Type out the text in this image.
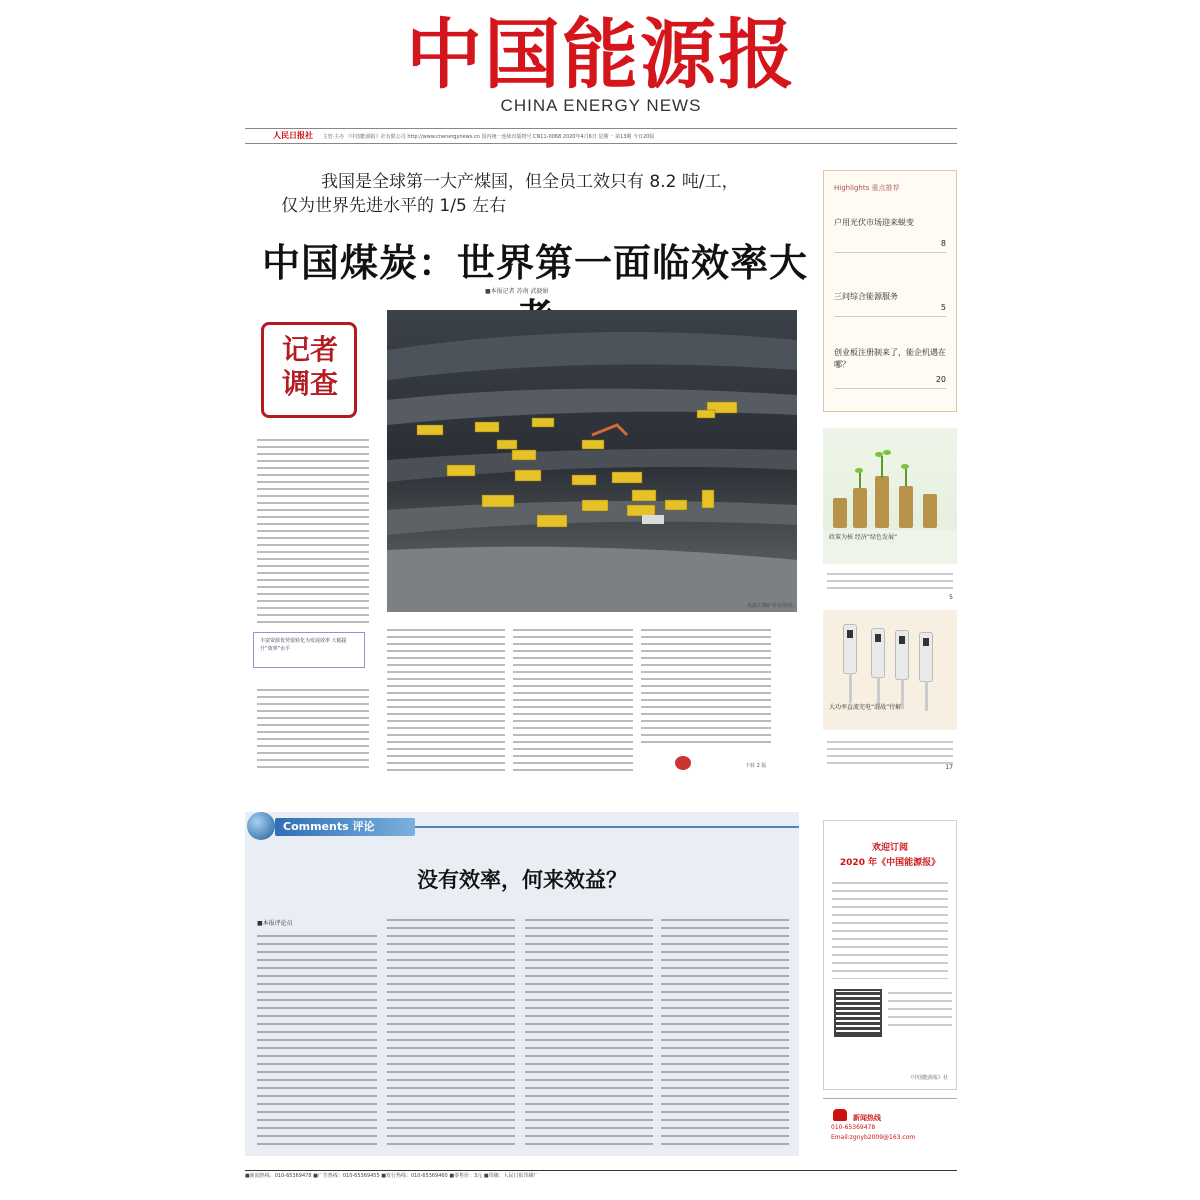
中国能源报
CHINA ENERGY NEWS
人民日报社 主管·主办 《中国能源报》社有限公司 http://www.cnenergynews.cn 国内统一连续出版物号 CN11-0068 2020年4月6日 星期一 第13期 今日20版

我国是全球第一大产煤国，但全员工效只有 8.2 吨/工，

仅为世界先进水平的 1/5 左右

中国煤炭：世界第一面临效率大
■本报记者 苏南 武晓娟
记者调查
某露天煤矿作业现场。
丰富资源优势要转化为发展效率 大幅提升“效率”水平
下转 2 版
Highlights 重点推荐
户用光伏市场迎来蜕变
8
三问综合能源服务
5
创业板注册制来了，能企机遇在哪？
20
政策为核 经济“绿色发展”
5
大功率直流充电“混战”待解
17
欢迎订阅
2020 年《中国能源报》
《中国能源报》社
新闻热线
010-65369478
Email:zgnyb2009@163.com
Comments 评论
没有效率，何来效益？
■本报评论员
■新闻热线：010-65369478 ■广告热线：010-65369455 ■发行热线：010-65369460 ■零售价：3元 ■印刷：人民日报印刷厂
